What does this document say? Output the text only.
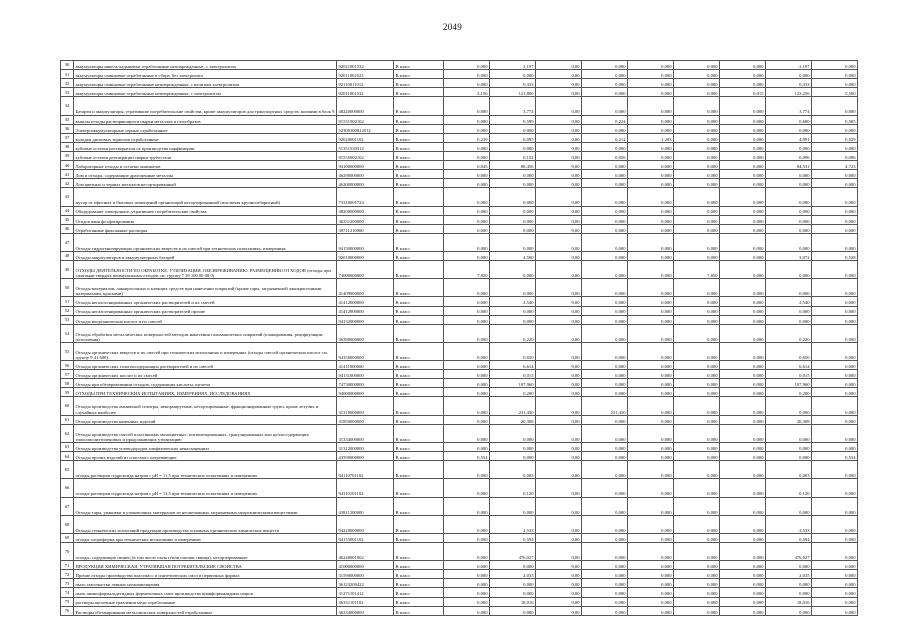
2049
30	аккумуляторы никель-кадмиевые отработанные неповрежденные, с электролитом	92021001532	В класс	0,000	2,197	0,00	0,000	0,000	0,000	0,000	2,197	0,000
31	аккумуляторы свинцовые отработанные в сборе, без электролита	92011002523	В класс	0,000	0,000	0,00	0,000	0,000	0,000	0,000	0,000	0,000
32	аккумуляторы свинцовые отработанные неповрежденные, с нелитым электролитом	92110011012	В класс	0,000	0,333	0,00	0,000	0,000	0,000	0,000	0,333	0,000
33	аккумуляторы свинцовые отработанные неповрежденные, с электролитом	92011001532	В класс	2,156	121,800	0,00	0,000	0,000	0,000	0,015	123,256	5,500
34	Батареи и аккумуляторы, утратившие потребительские свойства, кроме аккумуляторов для транспортных средств, копиями в блок 9	48220000000	В класс	0,000	3,774	0,00	0,000	0,000	0,000	0,000	3,774	0,000
35	вышлы отходы растворяющихся сварки металлов и газообразов	91531502102	В класс	0,000	0,589	0,00	0,224	0,000	0,000	0,000	0,600	0,505
36	Электроаккумуляторные серные отработанные	52300100022012	В класс	0,000	0,000	0,00	0,000	0,000	0,000	0,000	0,000	0,000
37	колодки дисковых тормозов отработанные	92020001102	В класс	0,239	6,095	0,00	0,212	1,203	0,000	0,000	4,991	0,529
38	кубовые остатки растворителя от производства парфюмерии	51351530312	В класс	0,000	0,000	0,00	0,000	0,000	0,000	0,000	0,000	0,000
39	кубовые остатки регенерации сварки трубостали	91535002102	В класс	0,000	0,152	0,00	0,056	0,000	0,000	0,000	0,096	0,096
40	Лабораторные отходы и остатки химикатов	94100000000	В класс	0,045	88,456	0,00	0,000	0,000	0,000	0,000	84,531	4,723
41	Лом и отходы, содержащие драгоценные металлы	46290000000	В класс	0,000	0,000	0,00	0,000	0,000	0,000	0,000	0,000	0,000
42	Лом цветных и черных металлов несортированный	46200000000	В класс	0,000	0,000	0,00	0,000	0,000	0,000	0,000	0,000	0,000
43	мусор от офисных и бытовых помещений организаций несортированный (исключая крупногабаритный)	73310001724	В класс	0,000	0,000	0,00	0,000	0,000	0,000	0,000	0,000	0,000
44	Оборудование электронное, утратившее потребительские свойства	48200000000	В класс	0,000	0,000	0,00	0,000	0,000	0,000	0,000	0,000	0,000
45	Осадок ванн фосфатирования	36331200000	В класс	0,000	0,000	0,00	0,000	0,000	0,000	0,000	0,000	0,000
46	Отработанные фиксажные растворы	30711210000	В класс	0,000	0,000	0,00	0,000	0,000	0,000	0,000	0,000	0,000
47	Отходы гидрогенизирующих органических веществ и их смесей при технических испытаниях, измерениях	94150000000	В класс	0,000	0,000	0,00	0,000	0,000	0,000	0,000	0,000	0,000
48	Отходы аккумуляторов и аккумуляторных батарей	92010000000	В класс	0,000	4,500	0,00	0,000	0,000	0,000	0,000	3,972	0,528
49	ОТХОДЫ ДЕЯТЕЛЬНОСТИ ПО ОБРАБОТКЕ, УТИЛИЗАЦИИ, ОБЕЗВРЕЖИВАНИЮ, РАЗМЕЩЕНИЮ ОТХОДОВ (отходы при сжигании твердых коммунальных отходов см. группу 7 39 100 00 00 0)	74000000000	В класс	7,850	0,000	0,00	0,000	0,000	7,850	0,000	0,000	0,000
50	Отходы материалов, лакокрасочных и клеящих средств при нанесении покрытий (кроме тары, загрязненной лакокрасочными материалами, красками)	41409000000	В класс	0,000	0,000	0,00	0,000	0,000	0,000	0,000	0,000	0,000
51	Отходы негалогенированных органических растворителей и их смесей	41412000000	В класс	0,000	2,540	0,00	0,000	0,000	0,000	0,000	2,540	0,000
52	Отходы негалогенированных органических растворителей прочие	41412900000	В класс	0,000	0,000	0,00	0,000	0,000	0,000	0,000	0,000	0,000
53	Отходы неорганических кислот и их смесей	94132000000	В класс	0,000	0,000	0,00	0,000	0,000	0,000	0,000	0,000	0,000
54	Отходы обработки металлических поверхностей методом нанесения гальванических покрытий (плакирования, рециркуляции, потопления)	36390000000	В класс	0,000	0,220	0,00	0,000	0,000	0,000	0,000	0,220	0,000
55	Отходы органических веществ и их смесей при технических испытаниях и измерениях (отходы смесей органических кислот см. группу 9 41 600)	94150000000	В класс	0,000	0,650	0,00	0,000	0,000	0,000	0,000	0,650	0,000
56	Отходы органических галогенсодержащих растворителей и их смесей	41411000000	В класс	0,000	6,614	0,00	0,000	0,000	0,000	0,000	6,614	0,000
57	Отходы органических кислот и их смесей	94131000000	В класс	0,000	0,015	0,00	0,000	0,000	0,000	0,000	0,015	0,000
58	Отходы при обезвреживании отходов, содержащих кислоты, щелочи	74730000000	В класс	0,000	107,960	0,00	0,000	0,000	0,000	0,000	107,960	0,000
59	ОТХОДЫ ПРИ ТЕХНИЧЕСКИХ ИСПЫТАНИЯХ, ИЗМЕРЕНИЯХ, ИССЛЕДОВАНИЯХ	94000000000	В класс	0,000	0,200	0,00	0,000	0,000	0,000	0,000	0,200	0,000
60	Отходы производства аммиачной селитры, ненормируемые, несортированные, фракционированные групп, кроме летучих и случайных наиболее	31310000000	В класс	0,000	231,430	0,00	231,430	0,000	0,000	0,000	0,000	0,000
61	Отходы производства каменных изделий	31850000000	В класс	0,000	20,308	0,00	0,000	0,000	0,000	0,000	20,308	0,000
62	Отходы производства смесей пластиковых моноцветных, пигментированных, гранулированных или целлосодержащих эпоксиполиэтиленовых и продолжающих утилизацию	31334000000	В класс	0,000	0,000	0,00	0,000	0,000	0,000	0,000	0,000	0,000
63	Отходы производства углеводородов алифатических ненасыщенных	31312000000	В класс	0,000	0,000	0,00	0,000	0,000	0,000	0,000	0,000	0,000
64	Отходы прочих изделий из пластмасс нагревающие	43590000000	В класс	0,554	0,000	0,00	0,000	0,000	0,000	0,000	0,000	0,534
65	отходы растворов гидроксида натрия с pH = 11,5 при технических испытаниях и измерениях	94110701102	В класс	0,000	0,003	0,00	0,000	0,000	0,000	0,000	0,003	0,000
66	отходы растворов гидроксида натрия с pH = 11,5 при технических испытаниях и измерениях	94110101102	В класс	0,000	0,120	0,00	0,000	0,000	0,000	0,000	0,120	0,000
67	Отходы тары, упаковки и упаковочных материалов из несмешанных загрязненных неорганическими веществами	43811200000	В класс	0,000	0,000	0,00	0,000	0,000	0,000	0,000	0,000	0,000
68	Отходы технических испытаний продукции производства основных органических химических веществ	94220000000	В класс	0,000	2,533	0,00	0,000	0,000	0,000	0,000	2,533	0,000
69	отходы хлороформа при технических испытаниях и измерениях	94155001102	В класс	0,000	0,594	0,00	0,000	0,000	0,000	0,000	0,594	0,000
70	отходы, содержащие свинец (в том числе пыль и/или опилки свинца), несортированные	46240001002	В класс	0,000	476,027	0,00	0,000	0,000	0,000	0,000	476,027	0,000
71	ПРОДУКЦИЯ ХИМИЧЕСКАЯ, УТРАТИВШАЯ ПОТРЕБИТЕЛЬСКИЕ СВОЙСТВА	41000000000	В класс	0,000	0,000	0,00	0,000	0,000	0,000	0,000	0,000	0,000
72	Прочие отходы производства пластмасс и синтетических смол в первичных формах	31590000000	В класс	0,000	2,035	0,00	0,000	0,000	0,000	0,000	2,035	0,000
73	пыль газоочистки ленных нахнаншчщения	36123200422	В класс	0,000	0,000	0,00	0,000	0,000	0,000	0,000	0,000	0,000
74	пыль аминоформальдегидных формовочных смол производства цианформамидных шаров	31271101412	В класс	0,000	0,000	0,00	0,000	0,000	0,000	0,000	0,000	0,000
75	растворы щелочные травления меди отработанные	36331101102	В класс	0,000	18,016	0,00	0,000	0,000	0,000	0,000	18,016	0,000
76	Растворы обезжиривания металлических поверхностей отработанные	36334000000	В класс	0,000	0,000	0,00	0,000	0,000	0,000	0,000	0,000	0,000
